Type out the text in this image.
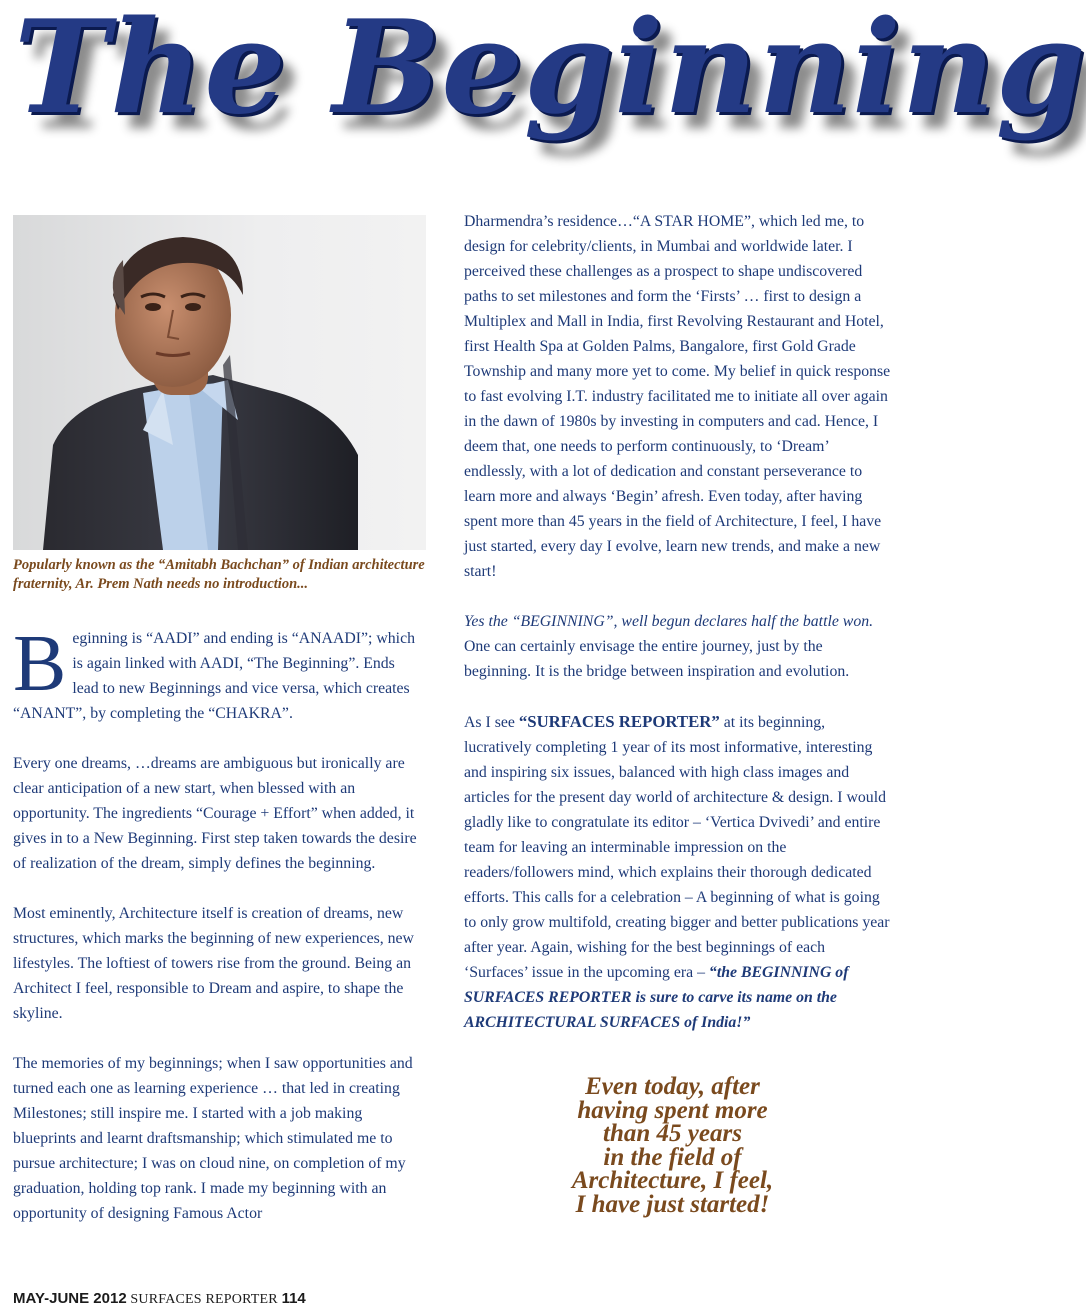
The Beginning
Popularly known as the “Amitabh Bachchan” of Indian architecture fraternity, Ar. Prem Nath needs no introduction...

Beginning is “AADI” and ending is “ANAADI”; which is again linked with AADI, “The Beginning”. Ends lead to new Beginnings and vice versa, which creates “ANANT”, by completing the “CHAKRA”.

Every one dreams, …dreams are ambiguous but ironically are clear anticipation of a new start, when blessed with an opportunity. The ingredients “Courage + Effort” when added, it gives in to a New Beginning. First step taken towards the desire of realization of the dream, simply defines the beginning.

Most eminently, Architecture itself is creation of dreams, new structures, which marks the beginning of new experiences, new lifestyles. The loftiest of towers rise from the ground. Being an Architect I feel, responsible to Dream and aspire, to shape the skyline.

The memories of my beginnings; when I saw opportunities and turned each one as learning experience … that led in creating Milestones; still inspire me. I started with a job making blueprints and learnt draftsmanship; which stimulated me to pursue architecture; I was on cloud nine, on completion of my graduation, holding top rank. I made my beginning with an opportunity of designing Famous Actor

Dharmendra’s residence…“A STAR HOME”, which led me, to design for celebrity/clients, in Mumbai and worldwide later. I perceived these challenges as a prospect to shape undiscovered paths to set milestones and form the ‘Firsts’ … first to design a Multiplex and Mall in India, first Revolving Restaurant and Hotel, first Health Spa at Golden Palms, Bangalore, first Gold Grade Township and many more yet to come. My belief in quick response to fast evolving I.T. industry facilitated me to initiate all over again in the dawn of 1980s by investing in computers and cad. Hence, I deem that, one needs to perform continuously, to ‘Dream’ endlessly, with a lot of dedication and constant perseverance to learn more and always ‘Begin’ afresh. Even today, after having spent more than 45 years in the field of Architecture, I feel, I have just started, every day I evolve, learn new trends, and make a new start!

Yes the “BEGINNING”, well begun declares half the battle won. One can certainly envisage the entire journey, just by the beginning. It is the bridge between inspiration and evolution.

As I see “SURFACES REPORTER” at its beginning, lucratively completing 1 year of its most informative, interesting and inspiring six issues, balanced with high class images and articles for the present day world of architecture & design. I would gladly like to congratulate its editor – ‘Vertica Dvivedi’ and entire team for leaving an interminable impression on the readers/followers mind, which explains their thorough dedicated efforts. This calls for a celebration – A beginning of what is going to only grow multifold, creating bigger and better publications year after year. Again, wishing for the best beginnings of each ‘Surfaces’ issue in the upcoming era – “the BEGINNING of SURFACES REPORTER is sure to carve its name on the ARCHITECTURAL SURFACES of India!”

Even today, after
having spent more
than 45 years
in the field of
Architecture, I feel,
I have just started!
MAY-JUNE 2012 SURFACES REPORTER 114
